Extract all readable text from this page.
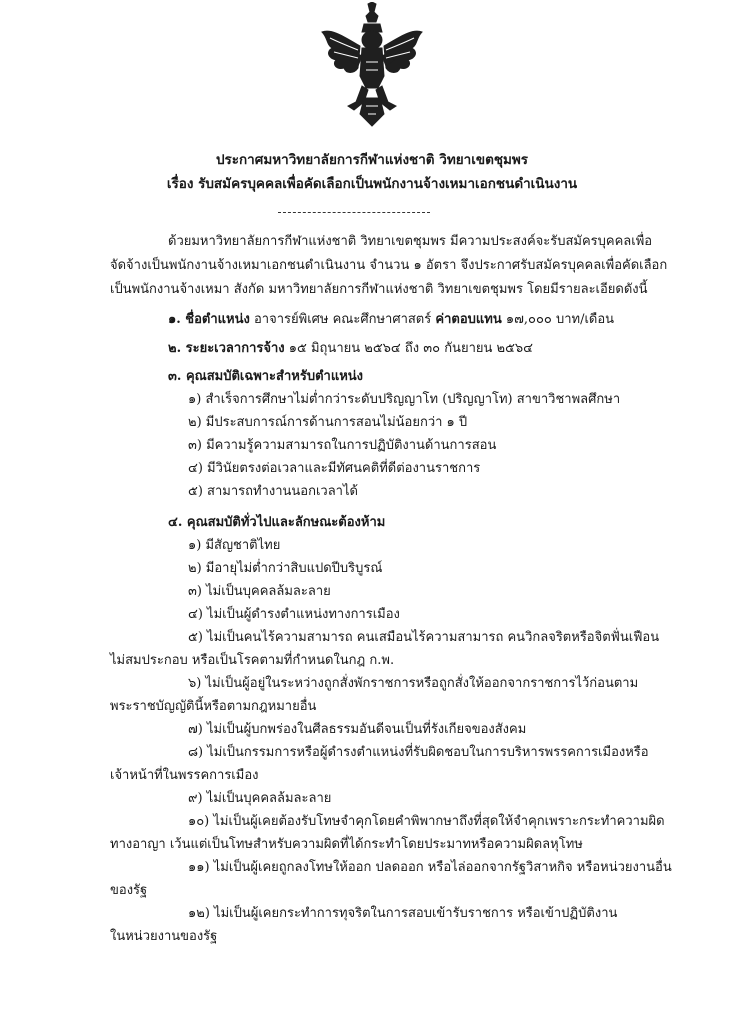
ประกาศมหาวิทยาลัยการกีฬาแห่งชาติ วิทยาเขตชุมพร
เรื่อง รับสมัครบุคคลเพื่อคัดเลือกเป็นพนักงานจ้างเหมาเอกชนดำเนินงาน
ด้วยมหาวิทยาลัยการกีฬาแห่งชาติ วิทยาเขตชุมพร มีความประสงค์จะรับสมัครบุคคลเพื่อ
จัดจ้างเป็นพนักงานจ้างเหมาเอกชนดำเนินงาน จำนวน ๑ อัตรา จึงประกาศรับสมัครบุคคลเพื่อคัดเลือก
เป็นพนักงานจ้างเหมา สังกัด มหาวิทยาลัยการกีฬาแห่งชาติ วิทยาเขตชุมพร โดยมีรายละเอียดดังนี้
๑. ชื่อตำแหน่ง อาจารย์พิเศษ คณะศึกษาศาสตร์ ค่าตอบแทน ๑๗,๐๐๐ บาท/เดือน
๒. ระยะเวลาการจ้าง ๑๕ มิถุนายน ๒๕๖๔ ถึง ๓๐ กันยายน ๒๕๖๔
๓. คุณสมบัติเฉพาะสำหรับตำแหน่ง
๑) สำเร็จการศึกษาไม่ต่ำกว่าระดับปริญญาโท (ปริญญาโท) สาขาวิชาพลศึกษา
๒) มีประสบการณ์การด้านการสอนไม่น้อยกว่า ๑ ปี
๓) มีความรู้ความสามารถในการปฏิบัติงานด้านการสอน
๔) มีวินัยตรงต่อเวลาและมีทัศนคติที่ดีต่องานราชการ
๕) สามารถทำงานนอกเวลาได้
๔. คุณสมบัติทั่วไปและลักษณะต้องห้าม
๑) มีสัญชาติไทย
๒) มีอายุไม่ต่ำกว่าสิบแปดปีบริบูรณ์
๓) ไม่เป็นบุคคลล้มละลาย
๔) ไม่เป็นผู้ดำรงตำแหน่งทางการเมือง
๕) ไม่เป็นคนไร้ความสามารถ คนเสมือนไร้ความสามารถ คนวิกลจริตหรือจิตฟั่นเฟือน
ไม่สมประกอบ หรือเป็นโรคตามที่กำหนดในกฎ ก.พ.
๖) ไม่เป็นผู้อยู่ในระหว่างถูกสั่งพักราชการหรือถูกสั่งให้ออกจากราชการไว้ก่อนตาม
พระราชบัญญัตินี้หรือตามกฎหมายอื่น
๗) ไม่เป็นผู้บกพร่องในศีลธรรมอันดีจนเป็นที่รังเกียจของสังคม
๘) ไม่เป็นกรรมการหรือผู้ดำรงตำแหน่งที่รับผิดชอบในการบริหารพรรคการเมืองหรือ
เจ้าหน้าที่ในพรรคการเมือง
๙) ไม่เป็นบุคคลล้มละลาย
๑๐) ไม่เป็นผู้เคยต้องรับโทษจำคุกโดยคำพิพากษาถึงที่สุดให้จำคุกเพราะกระทำความผิด
ทางอาญา เว้นแต่เป็นโทษสำหรับความผิดที่ได้กระทำโดยประมาทหรือความผิดลหุโทษ
๑๑) ไม่เป็นผู้เคยถูกลงโทษให้ออก ปลดออก หรือไล่ออกจากรัฐวิสาหกิจ หรือหน่วยงานอื่น
ของรัฐ
๑๒) ไม่เป็นผู้เคยกระทำการทุจริตในการสอบเข้ารับราชการ หรือเข้าปฏิบัติงาน
ในหน่วยงานของรัฐ
